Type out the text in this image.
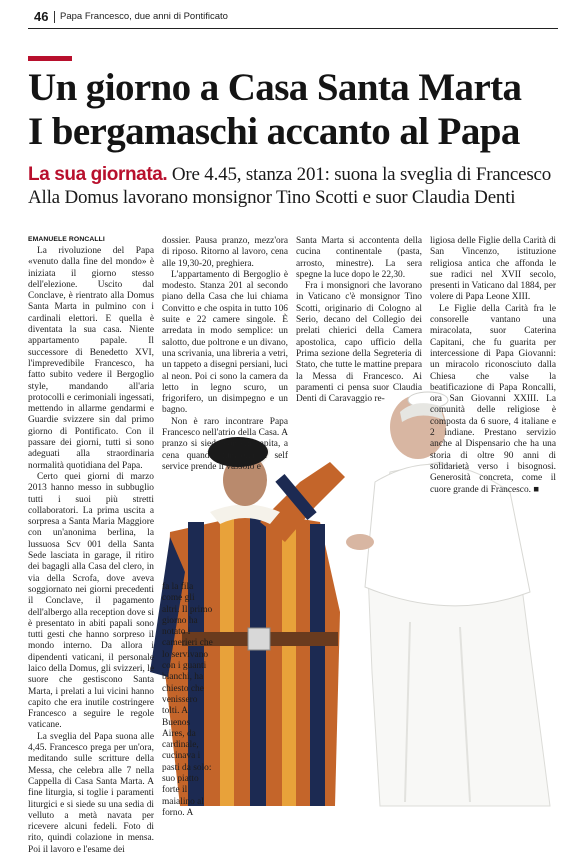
46 Papa Francesco, due anni di Pontificato
Un giorno a Casa Santa Marta
I bergamaschi accanto al Papa
La sua giornata. Ore 4.45, stanza 201: suona la sveglia di Francesco
Alla Domus lavorano monsignor Tino Scotti e suor Claudia Denti
EMANUELE RONCALLI

La rivoluzione del Papa «venuto dalla fine del mondo» è iniziata il giorno stesso dell'elezione. Uscito dal Conclave, è rientrato alla Domus Santa Marta in pulmino con i cardinali elettori. E quella è diventata la sua casa. Niente appartamento papale. Il successore di Benedetto XVI, l'imprevedibile Francesco, ha fatto subito vedere il Bergoglio style, mandando all'aria protocolli e cerimoniali ingessati, mettendo in allarme gendarmi e Guardie svizzere sin dal primo giorno di Pontificato. Con il passare dei giorni, tutti si sono adeguati alla straordinaria normalità quotidiana del Papa.

Certo quei giorni di marzo 2013 hanno messo in subbuglio tutti i suoi più stretti collaboratori. La prima uscita a sorpresa a Santa Maria Maggiore con un'anonima berlina, la lussuosa Scv 001 della Santa Sede lasciata in garage, il ritiro dei bagagli alla Casa del clero, in via della Scrofa, dove aveva soggiornato nei giorni precedenti il Conclave, il pagamento dell'albergo alla reception dove si è presentato in abiti papali sono tutti gesti che hanno sorpreso il mondo interno. Da allora i dipendenti vaticani, il personale laico della Domus, gli svizzeri, le suore che gestiscono Santa Marta, i prelati a lui vicini hanno capito che era inutile costringere Francesco a seguire le regole vaticane.

La sveglia del Papa suona alle 4,45. Francesco prega per un'ora, meditando sulle scritture della Messa, che celebra alle 7 nella Cappella di Casa Santa Marta. A fine liturgia, si toglie i paramenti liturgici e si siede su una sedia di velluto a metà navata per ricevere alcuni fedeli. Foto di rito, quindi colazione in mensa. Poi il lavoro e l'esame dei

dossier. Pausa pranzo, mezz'ora di riposo. Ritorno al lavoro, cena alle 19,30-20, preghiera.

L'appartamento di Bergoglio è modesto. Stanza 201 al secondo piano della Casa che lui chiama Convitto e che ospita in tutto 106 suite e 22 camere singole. È arredata in modo semplice: un salotto, due poltrone e un divano, una scrivania, una libreria a vetri, un tappeto a disegni persiani, luci al neon. Poi ci sono la camera da letto in legno scuro, un frigorifero, un disimpegno e un bagno.

Non è raro incontrare Papa Francesco nell'atrio della Casa. A pranzo si siede con chi capita, a cena quando funziona il self service prende il vassoio e

fa la fila come gli altri. Il primo giorno ha notato i camerieri che lo servivano con i guanti bianchi, ha chiesto che venissero tolti. A Buenos Aires, da cardinale, cucinava i pasti da solo: suo piatto forte il maialino al forno. A

Santa Marta si accontenta della cucina continentale (pasta, arrosto, minestre). La sera spegne la luce dopo le 22,30.

Fra i monsignori che lavorano in Vaticano c'è monsignor Tino Scotti, originario di Cologno al Serio, decano del Collegio dei prelati chierici della Camera apostolica, capo ufficio della Prima sezione della Segreteria di Stato, che tutte le mattine prepara la Messa di Francesco. Ai paramenti ci pensa suor Claudia Denti di Caravaggio re-

ligiosa delle Figlie della Carità di San Vincenzo, istituzione religiosa antica che affonda le sue radici nel XVII secolo, presenti in Vaticano dal 1884, per volere di Papa Leone XIII.

Le Figlie della Carità fra le consorelle vantano una miracolata, suor Caterina Capitani, che fu guarita per intercessione di Papa Giovanni: un miracolo riconosciuto dalla Chiesa che valse la beatificazione di Papa Roncalli, ora San Giovanni XXIII. La comunità delle religiose è composta da 6 suore, 4 italiane e 2 indiane. Prestano servizio anche al Dispensario che ha una storia di oltre 90 anni di solidarietà verso i bisognosi. Generosità concreta, come il cuore grande di Francesco. ■
